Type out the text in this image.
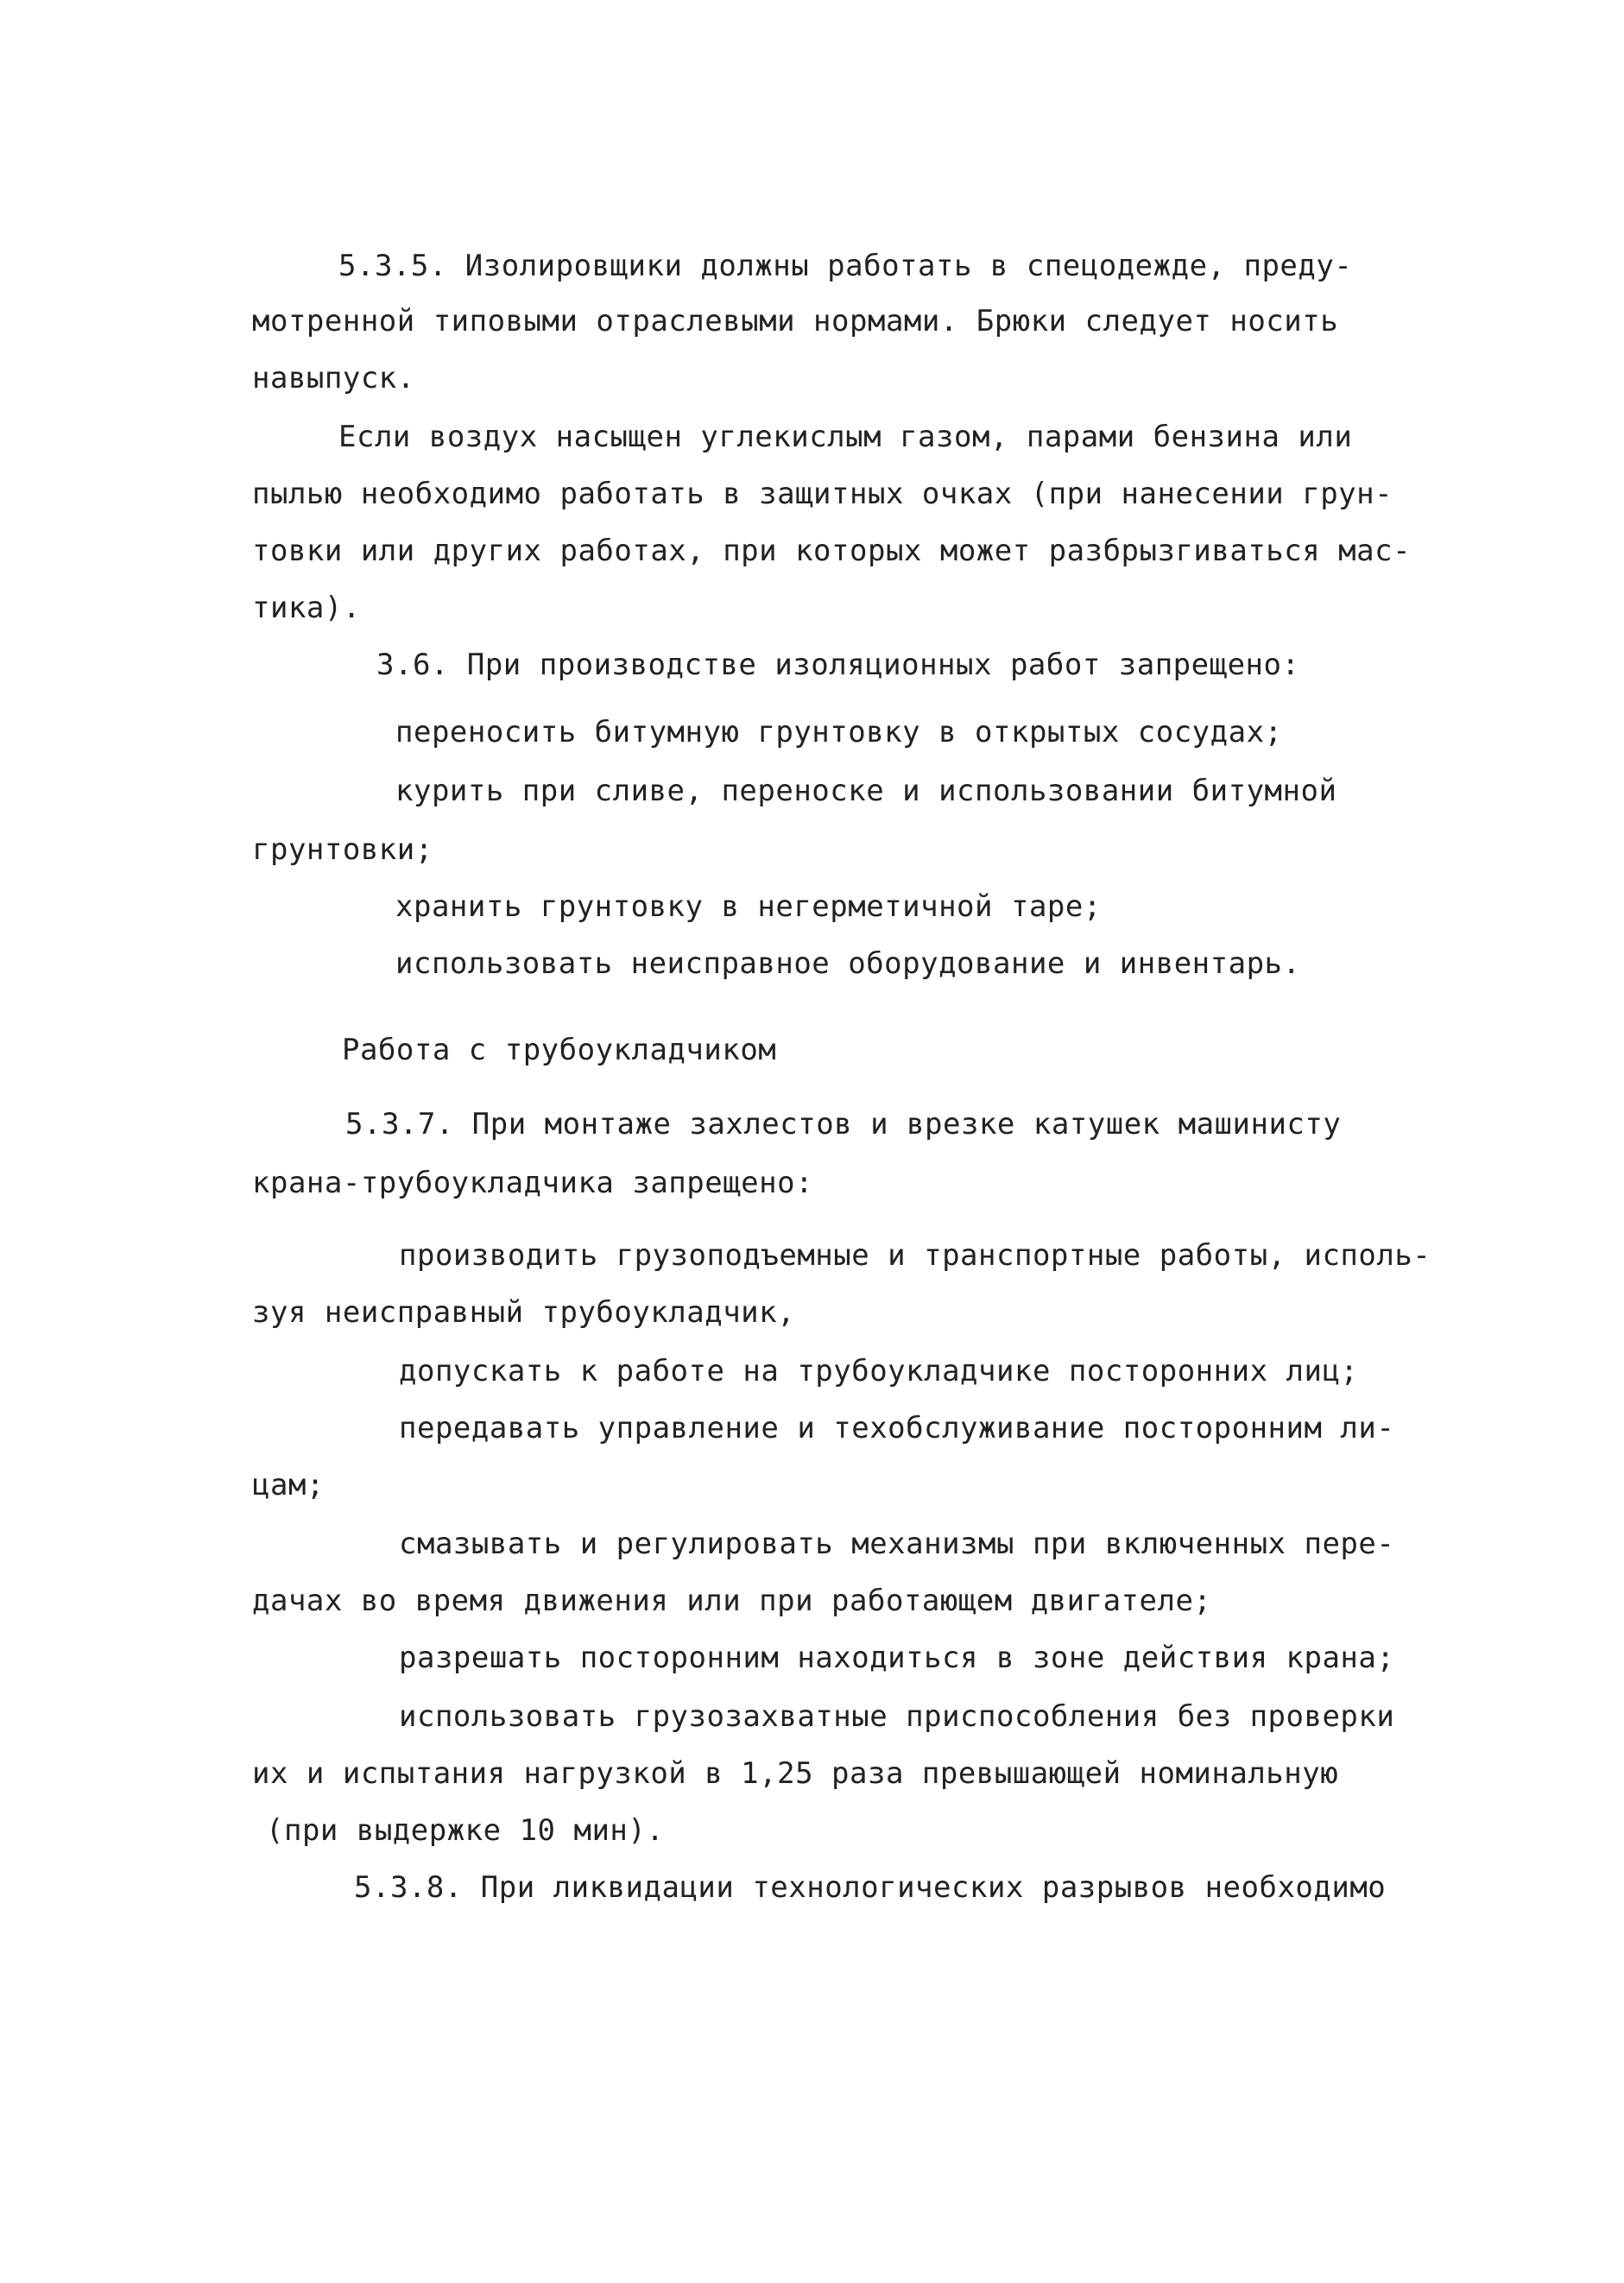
5.3.5. Изолировщики должны работать в спецодежде, преду-
мотренной типовыми отраслевыми нормами. Брюки следует носить
навыпуск.
Если воздух насыщен углекислым газом, парами бензина или
пылью необходимо работать в защитных очках (при нанесении грун-
товки или других работах, при которых может разбрызгиваться мас-
тика).
3.6. При производстве изоляционных работ запрещено:
переносить битумную грунтовку в открытых сосудах;
курить при сливе, переноске и использовании битумной
грунтовки;
хранить грунтовку в негерметичной таре;
использовать неисправное оборудование и инвентарь.
Работа с трубоукладчиком
5.3.7. При монтаже захлестов и врезке катушек машинисту
крана-трубоукладчика запрещено:
производить грузоподъемные и транспортные работы, исполь-
зуя неисправный трубоукладчик,
допускать к работе на трубоукладчике посторонних лиц;
передавать управление и техобслуживание посторонним ли-
цам;
смазывать и регулировать механизмы при включенных пере-
дачах во время движения или при работающем двигателе;
разрешать посторонним находиться в зоне действия крана;
использовать грузозахватные приспособления без проверки
их и испытания нагрузкой в 1,25 раза превышающей номинальную
(при выдержке 10 мин).
5.3.8. При ликвидации технологических разрывов необходимо
